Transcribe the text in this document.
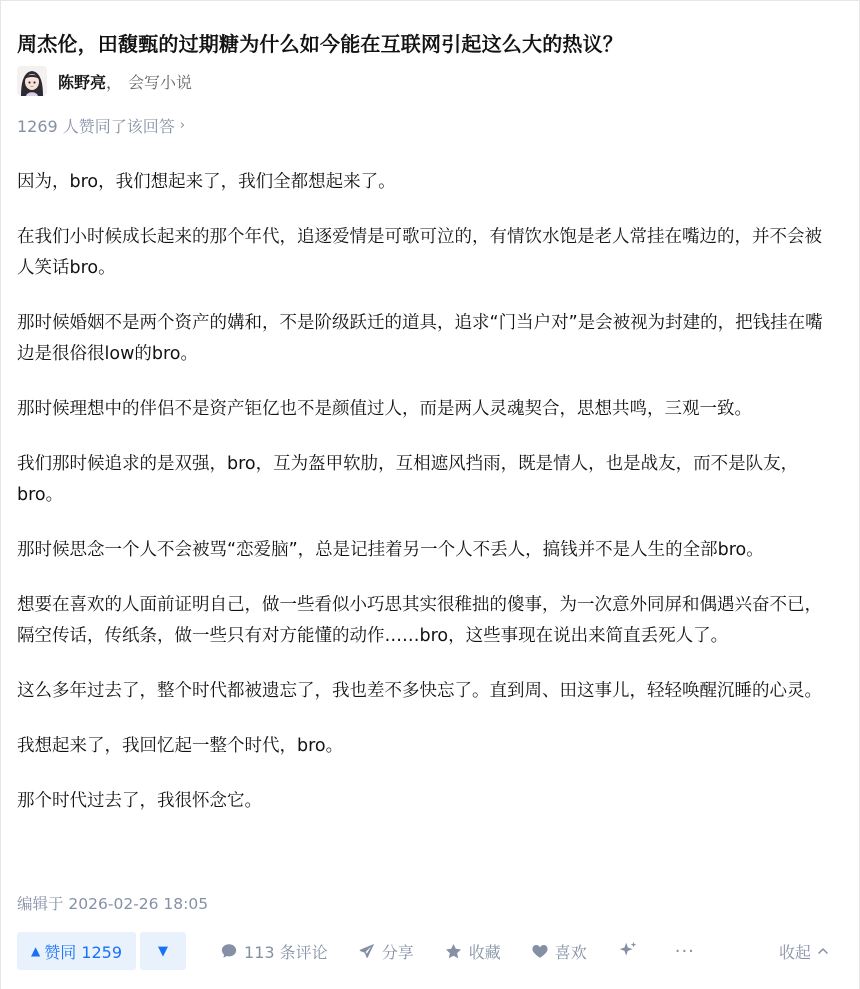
周杰伦，田馥甄的过期糖为什么如今能在互联网引起这么大的热议？
陈野亮 ， 会写小说
1269 人赞同了该回答 ›

因为，bro，我们想起来了，我们全都想起来了。

在我们小时候成长起来的那个年代，追逐爱情是可歌可泣的，有情饮水饱是老人常挂在嘴边的，并不会被人笑话bro。

那时候婚姻不是两个资产的媾和，不是阶级跃迁的道具，追求“门当户对”是会被视为封建的，把钱挂在嘴边是很俗很low的bro。

那时候理想中的伴侣不是资产钜亿也不是颜值过人，而是两人灵魂契合，思想共鸣，三观一致。

我们那时候追求的是双强，bro，互为盔甲软肋，互相遮风挡雨，既是情人，也是战友，而不是队友，bro。

那时候思念一个人不会被骂“恋爱脑”，总是记挂着另一个人不丢人，搞钱并不是人生的全部bro。

想要在喜欢的人面前证明自己，做一些看似小巧思其实很稚拙的傻事，为一次意外同屏和偶遇兴奋不已，隔空传话，传纸条，做一些只有对方能懂的动作……bro，这些事现在说出来简直丢死人了。

这么多年过去了，整个时代都被遗忘了，我也差不多快忘了。直到周、田这事儿，轻轻唤醒沉睡的心灵。

我想起来了，我回忆起一整个时代，bro。

那个时代过去了，我很怀念它。

编辑于 2026-02-26 18:05
▲ 赞同 1259	▼	113 条评论	分享	收藏	喜欢	···	收起
